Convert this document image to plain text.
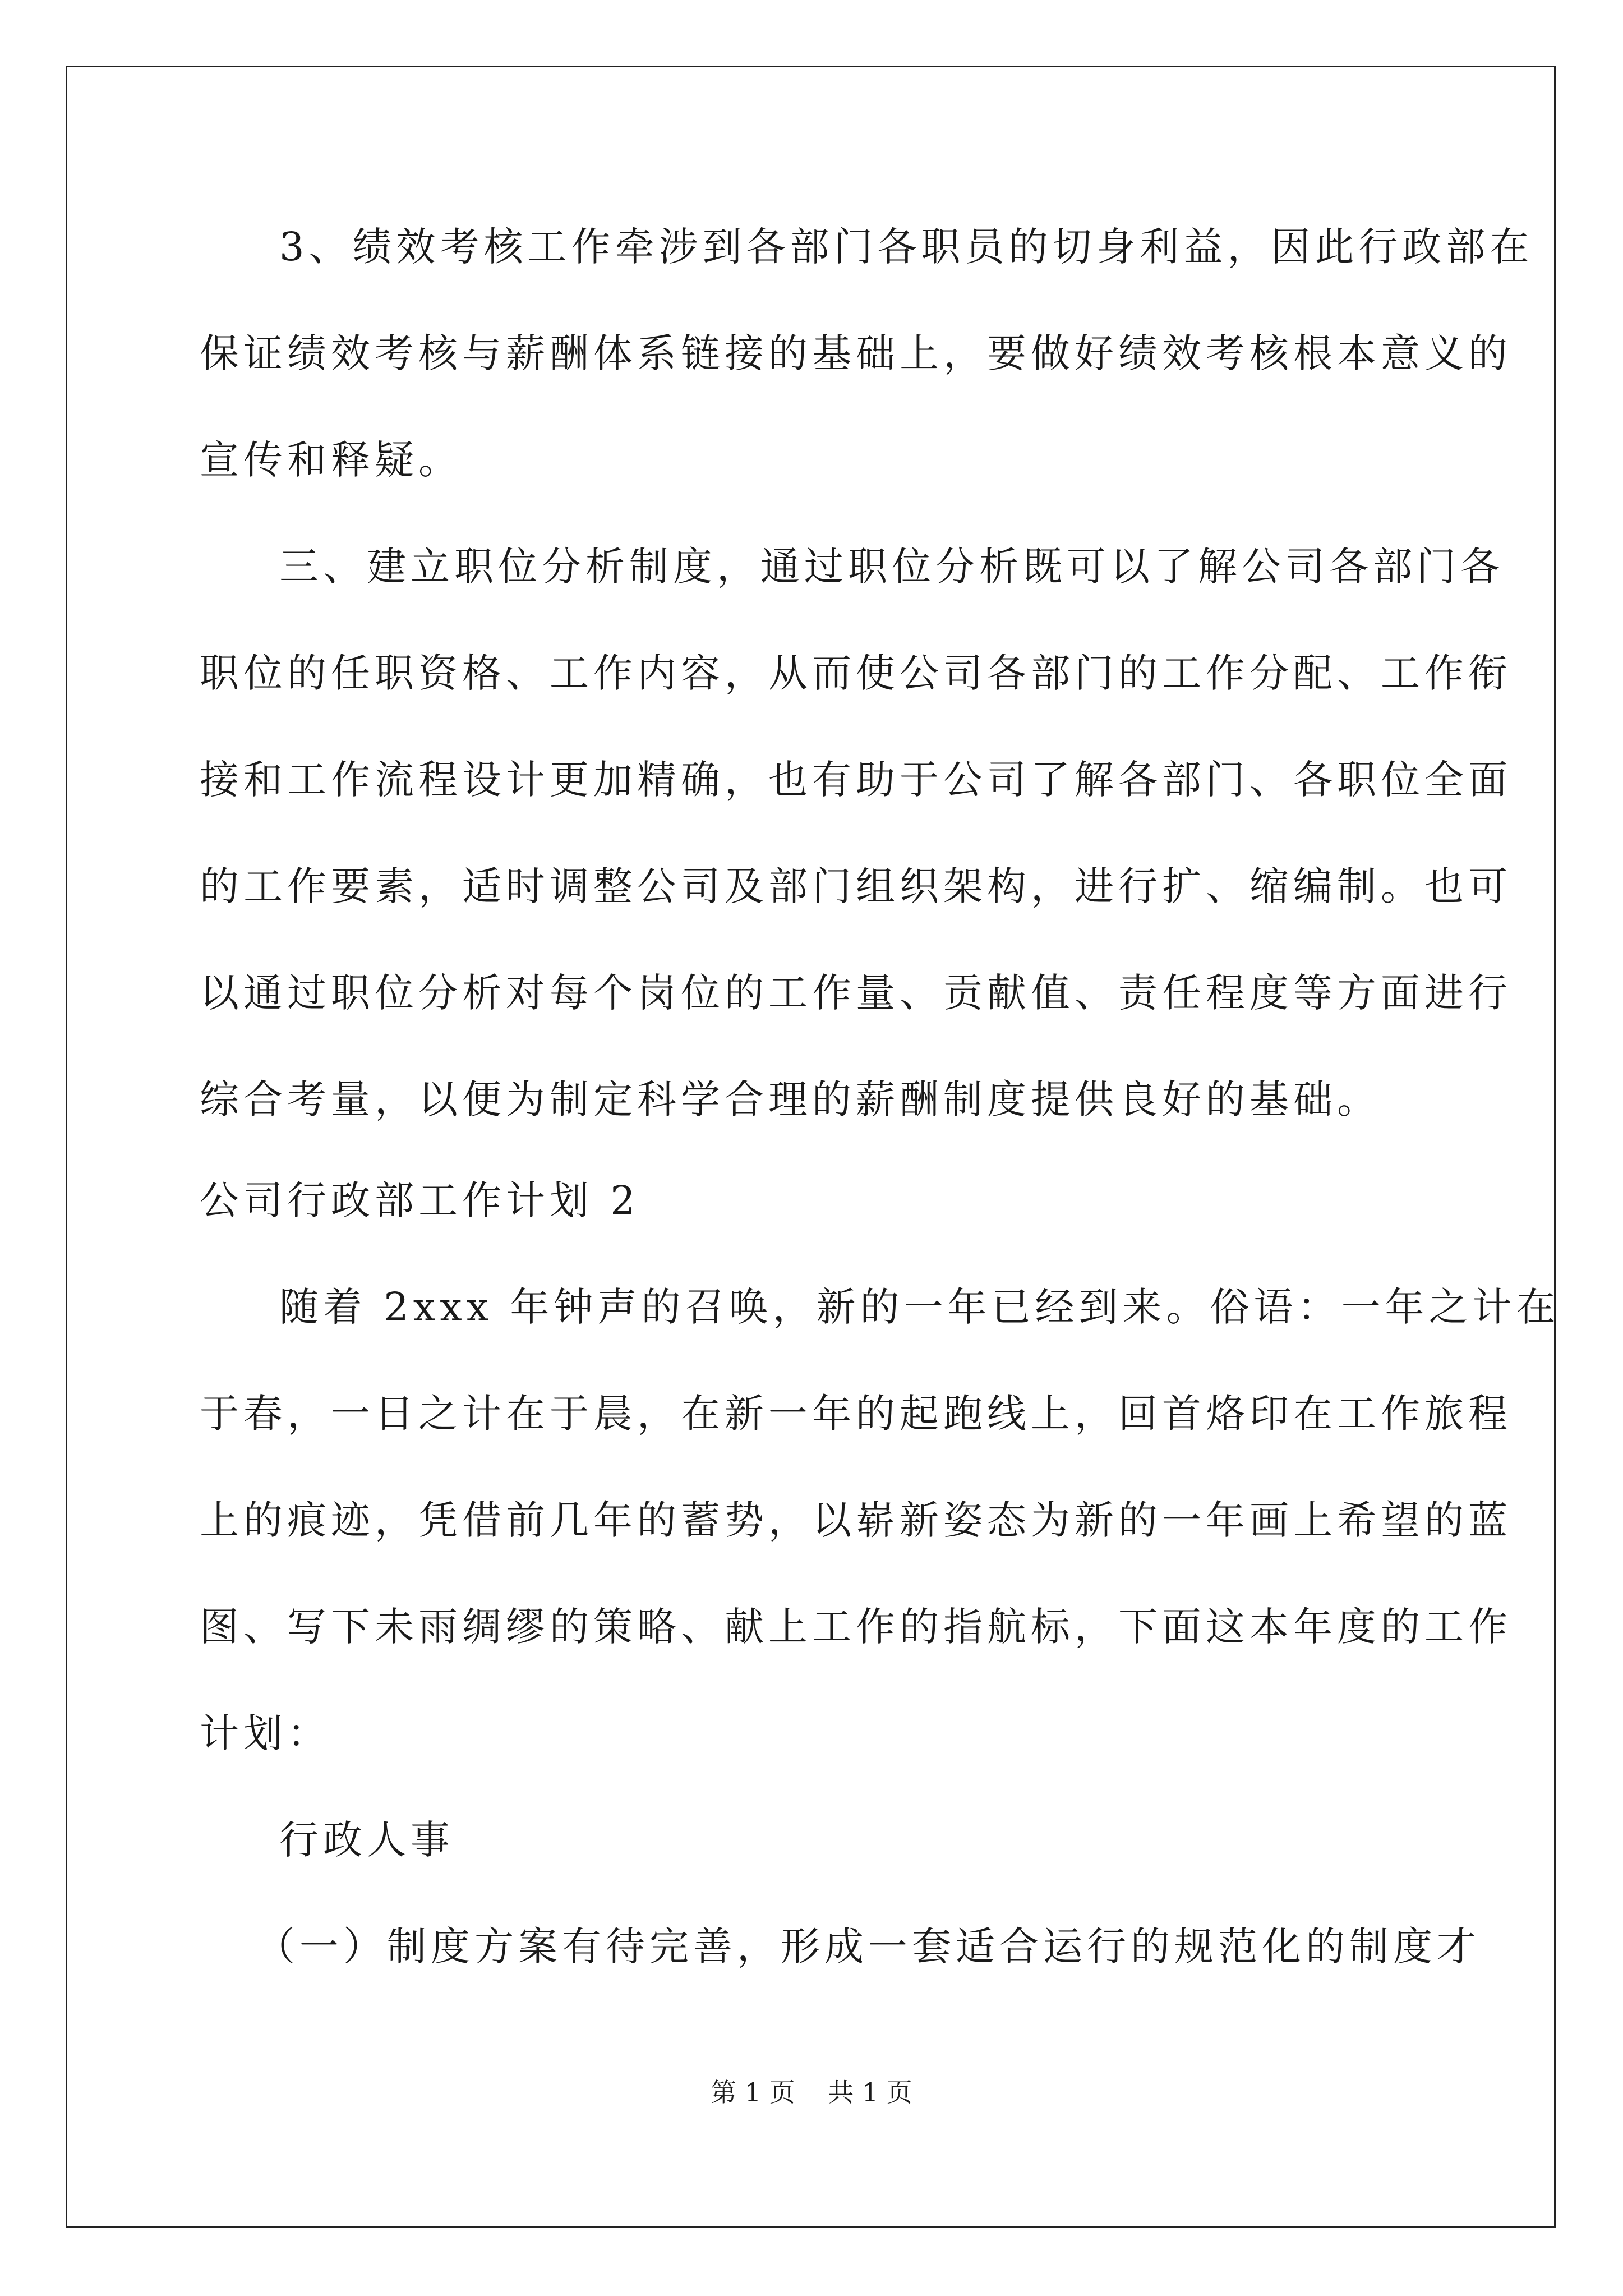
3、绩效考核工作牵涉到各部门各职员的切身利益，因此行政部在
保证绩效考核与薪酬体系链接的基础上，要做好绩效考核根本意义的
宣传和释疑。
三、建立职位分析制度，通过职位分析既可以了解公司各部门各
职位的任职资格、工作内容，从而使公司各部门的工作分配、工作衔
接和工作流程设计更加精确，也有助于公司了解各部门、各职位全面
的工作要素，适时调整公司及部门组织架构，进行扩、缩编制。也可
以通过职位分析对每个岗位的工作量、贡献值、责任程度等方面进行
综合考量，以便为制定科学合理的薪酬制度提供良好的基础。
公司行政部工作计划 2
随着 2xxx 年钟声的召唤，新的一年已经到来。俗语：一年之计在
于春，一日之计在于晨，在新一年的起跑线上，回首烙印在工作旅程
上的痕迹，凭借前几年的蓄势，以崭新姿态为新的一年画上希望的蓝
图、写下未雨绸缪的策略、献上工作的指航标，下面这本年度的工作
计划：
行政人事
（一）制度方案有待完善，形成一套适合运行的规范化的制度才
第 1 页    共 1 页
